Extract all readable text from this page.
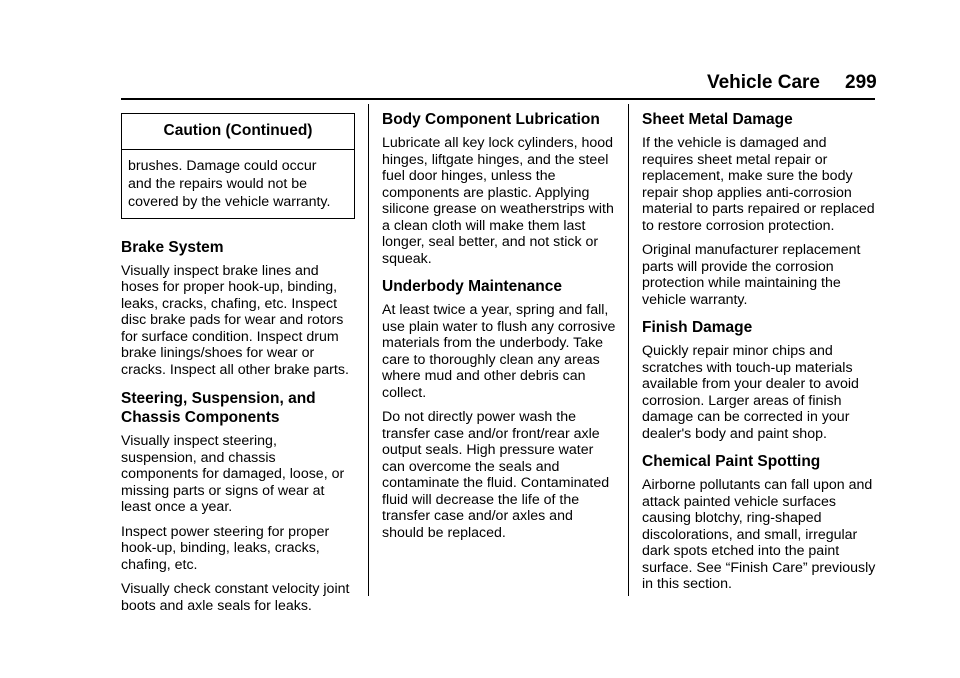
Vehicle Care 299
Caution (Continued)
brushes. Damage could occur
and the repairs would not be
covered by the vehicle warranty.
Brake System

Visually inspect brake lines and hoses for proper hook-up, binding, leaks, cracks, chafing, etc. Inspect disc brake pads for wear and rotors for surface condition. Inspect drum brake linings/shoes for wear or cracks. Inspect all other brake parts.

Steering, Suspension, and Chassis Components

Visually inspect steering, suspension, and chassis components for damaged, loose, or missing parts or signs of wear at least once a year.

Inspect power steering for proper hook-up, binding, leaks, cracks, chafing, etc.

Visually check constant velocity joint boots and axle seals for leaks.

Body Component Lubrication

Lubricate all key lock cylinders, hood hinges, liftgate hinges, and the steel fuel door hinges, unless the components are plastic. Applying silicone grease on weatherstrips with a clean cloth will make them last longer, seal better, and not stick or squeak.

Underbody Maintenance

At least twice a year, spring and fall, use plain water to flush any corrosive materials from the underbody. Take care to thoroughly clean any areas where mud and other debris can collect.

Do not directly power wash the transfer case and/or front/rear axle output seals. High pressure water can overcome the seals and contaminate the fluid. Contaminated fluid will decrease the life of the transfer case and/or axles and should be replaced.

Sheet Metal Damage

If the vehicle is damaged and requires sheet metal repair or replacement, make sure the body repair shop applies anti-corrosion material to parts repaired or replaced to restore corrosion protection.

Original manufacturer replacement parts will provide the corrosion protection while maintaining the vehicle warranty.

Finish Damage

Quickly repair minor chips and scratches with touch-up materials available from your dealer to avoid corrosion. Larger areas of finish damage can be corrected in your dealer's body and paint shop.

Chemical Paint Spotting

Airborne pollutants can fall upon and attack painted vehicle surfaces causing blotchy, ring-shaped discolorations, and small, irregular dark spots etched into the paint surface. See “Finish Care” previously in this section.
